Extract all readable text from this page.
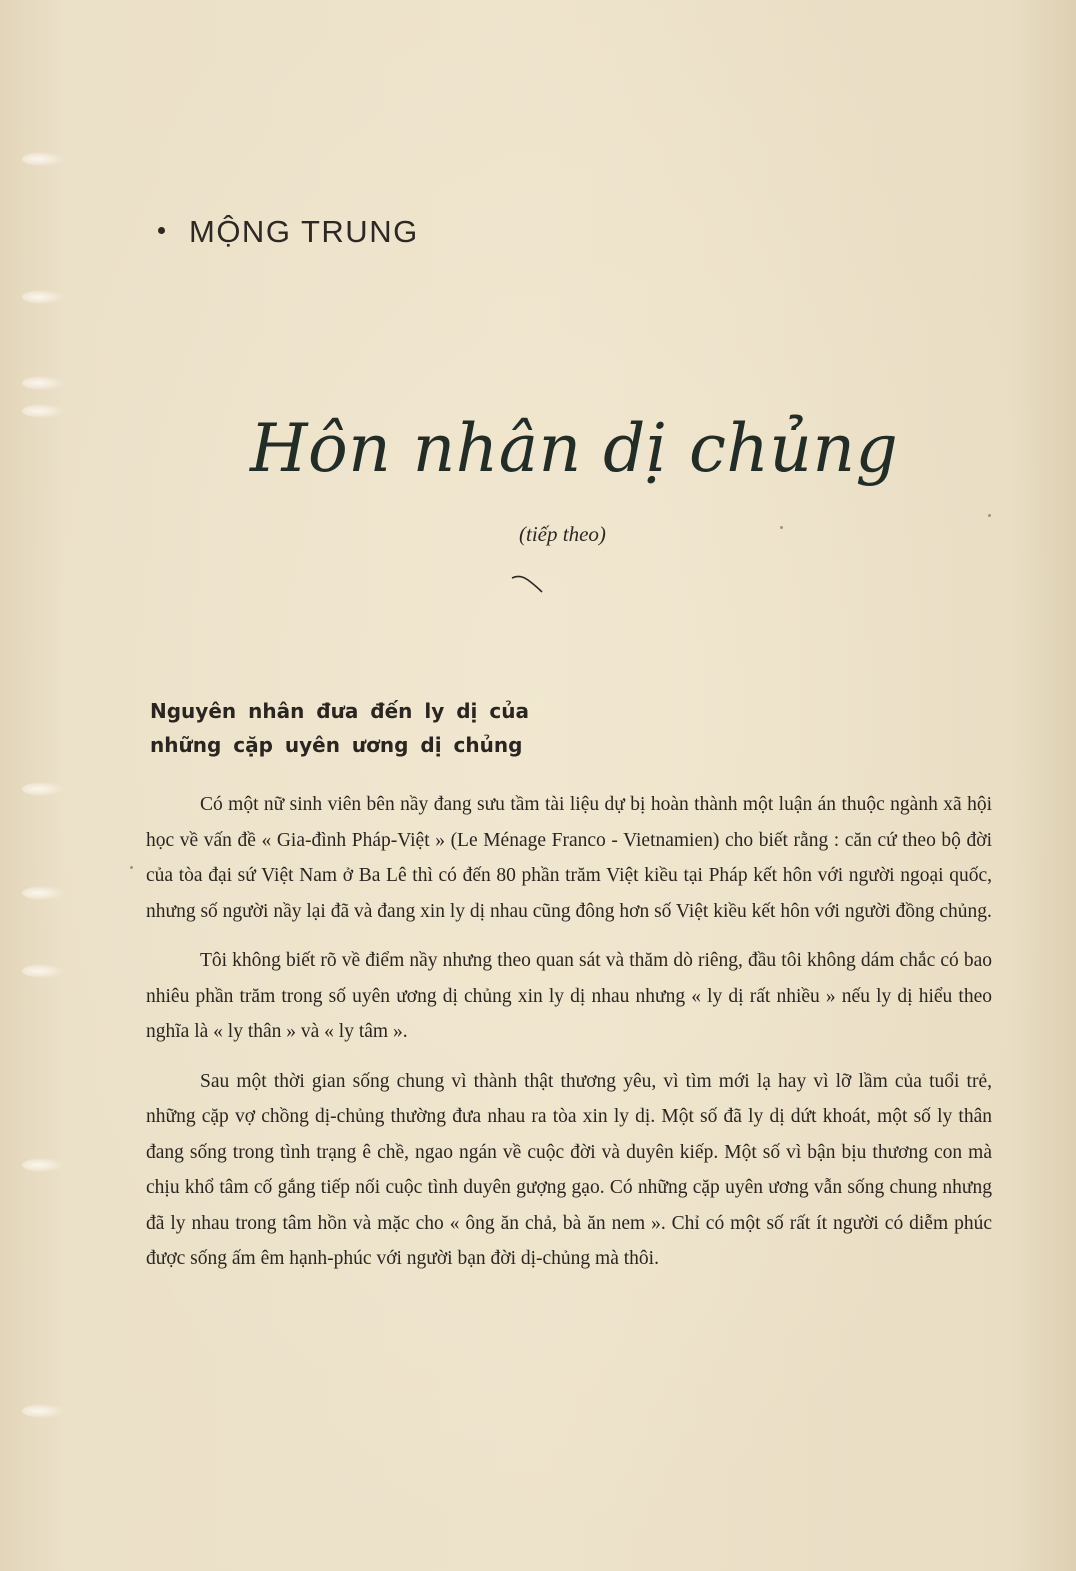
MỘNG TRUNG
Hôn nhân dị chủng
(tiếp theo)
Nguyên nhân đưa đến ly dị của
những cặp uyên ương dị chủng

Có một nữ sinh viên bên nầy đang sưu tầm tài liệu dự bị hoàn thành một luận án thuộc ngành xã hội học về vấn đề « Gia-đình Pháp-Việt » (Le Ménage Franco - Vietnamien) cho biết rằng : căn cứ theo bộ đời của tòa đại sứ Việt Nam ở Ba Lê thì có đến 80 phần trăm Việt kiều tại Pháp kết hôn với người ngoại quốc, nhưng số người nầy lại đã và đang xin ly dị nhau cũng đông hơn số Việt kiều kết hôn với người đồng chủng.

Tôi không biết rõ về điểm nầy nhưng theo quan sát và thăm dò riêng, đầu tôi không dám chắc có bao nhiêu phần trăm trong số uyên ương dị chủng xin ly dị nhau nhưng « ly dị rất nhiều » nếu ly dị hiểu theo nghĩa là « ly thân » và « ly tâm ».

Sau một thời gian sống chung vì thành thật thương yêu, vì tìm mới lạ hay vì lỡ lầm của tuổi trẻ, những cặp vợ chồng dị-chủng thường đưa nhau ra tòa xin ly dị. Một số đã ly dị dứt khoát, một số ly thân đang sống trong tình trạng ê chề, ngao ngán về cuộc đời và duyên kiếp. Một số vì bận bịu thương con mà chịu khổ tâm cố gắng tiếp nối cuộc tình duyên gượng gạo. Có những cặp uyên ương vẫn sống chung nhưng đã ly nhau trong tâm hồn và mặc cho « ông ăn chả, bà ăn nem ». Chỉ có một số rất ít người có diễm phúc được sống ấm êm hạnh-phúc với người bạn đời dị-chủng mà thôi.
